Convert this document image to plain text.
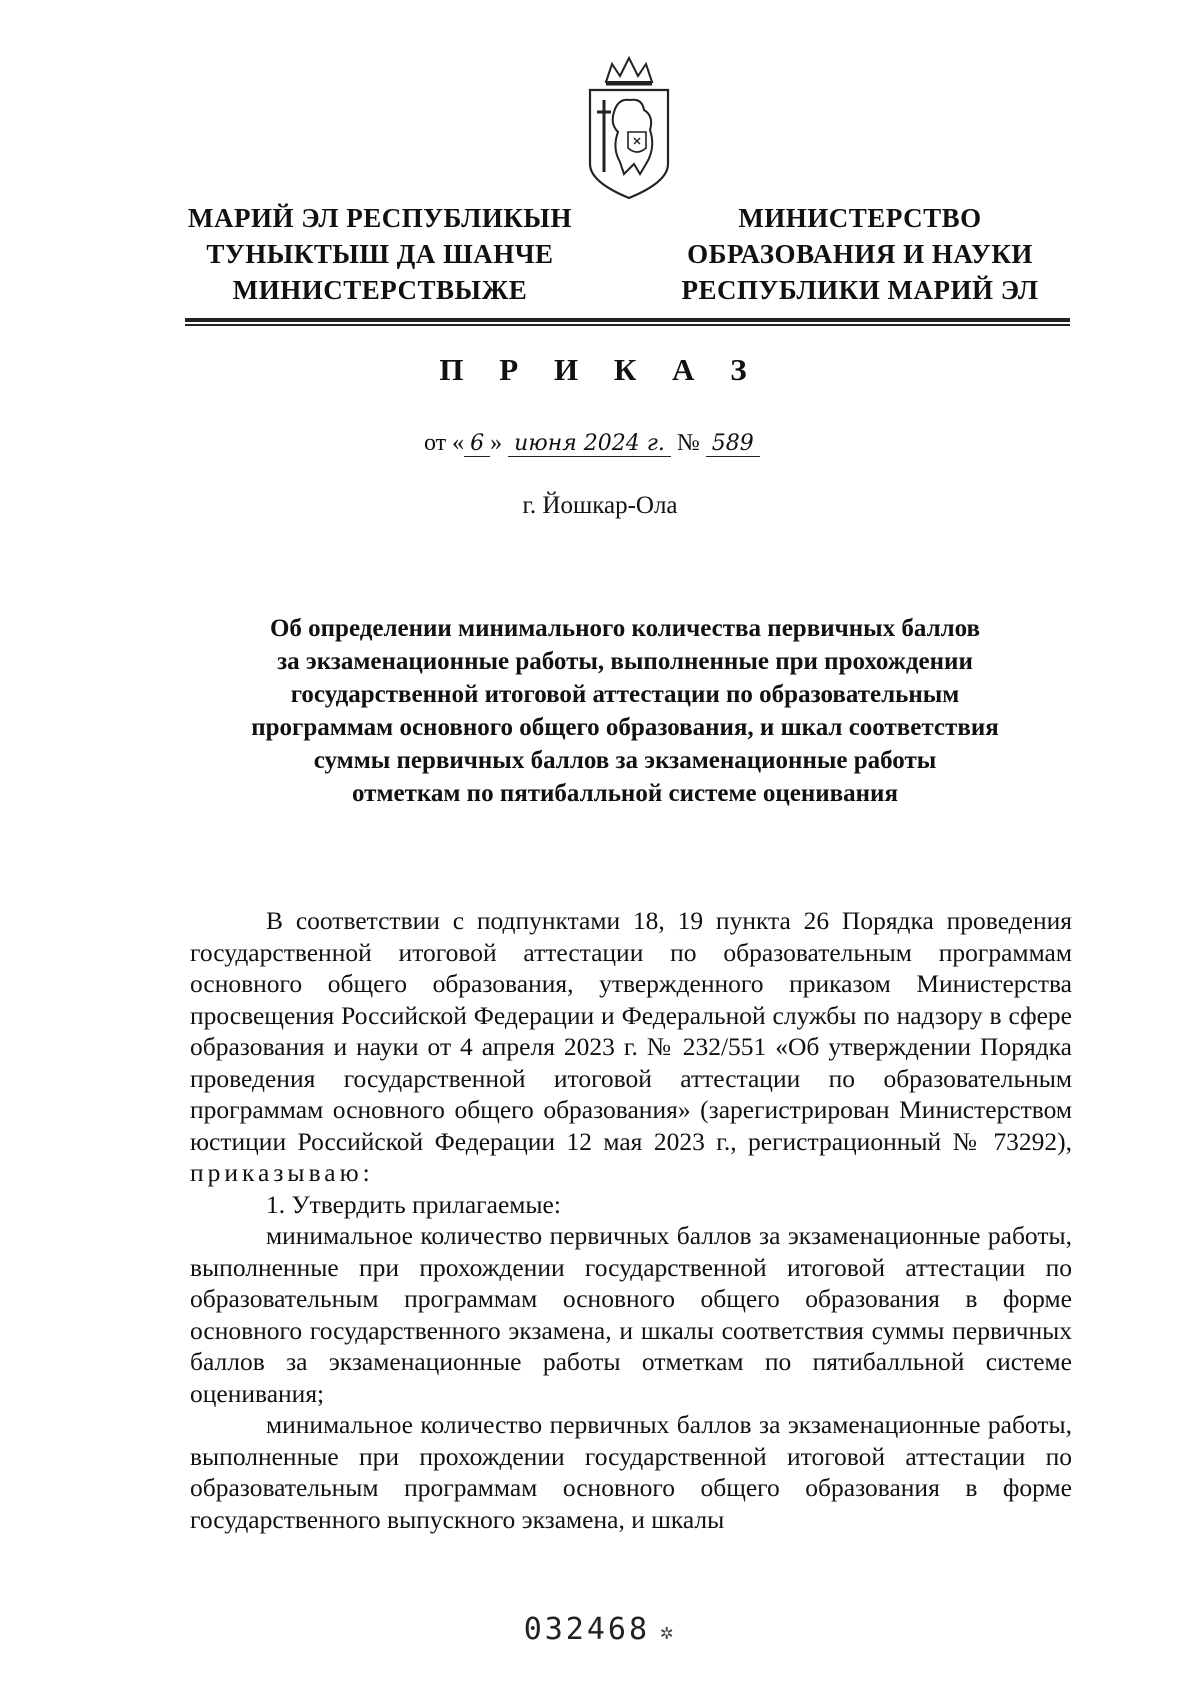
МАРИЙ ЭЛ РЕСПУБЛИКЫН
ТУНЫКТЫШ ДА ШАНЧЕ
МИНИСТЕРСТВЫЖЕ
МИНИСТЕРСТВО
ОБРАЗОВАНИЯ И НАУКИ
РЕСПУБЛИКИ МАРИЙ ЭЛ
П Р И К А З
от « 6 » июня 2024 г. № 589
г. Йошкар-Ола
Об определении минимального количества первичных баллов
за экзаменационные работы, выполненные при прохождении
государственной итоговой аттестации по образовательным
программам основного общего образования, и шкал соответствия
суммы первичных баллов за экзаменационные работы
отметкам по пятибалльной системе оценивания

В соответствии с подпунктами 18, 19 пункта 26 Порядка проведения государственной итоговой аттестации по образовательным программам основного общего образования, утвержденного приказом Министерства просвещения Российской Федерации и Федеральной службы по надзору в сфере образования и науки от 4 апреля 2023 г. № 232/551 «Об утверждении Порядка проведения государственной итоговой аттестации по образовательным программам основного общего образования» (зарегистрирован Министерством юстиции Российской Федерации 12 мая 2023 г., регистрационный № 73292), приказываю:

1. Утвердить прилагаемые:

минимальное количество первичных баллов за экзаменационные работы, выполненные при прохождении государственной итоговой аттестации по образовательным программам основного общего образования в форме основного государственного экзамена, и шкалы соответствия суммы первичных баллов за экзаменационные работы отметкам по пятибалльной системе оценивания;

минимальное количество первичных баллов за экзаменационные работы, выполненные при прохождении государственной итоговой аттестации по образовательным программам основного общего образования в форме государственного выпускного экзамена, и шкалы

032468 ✲
